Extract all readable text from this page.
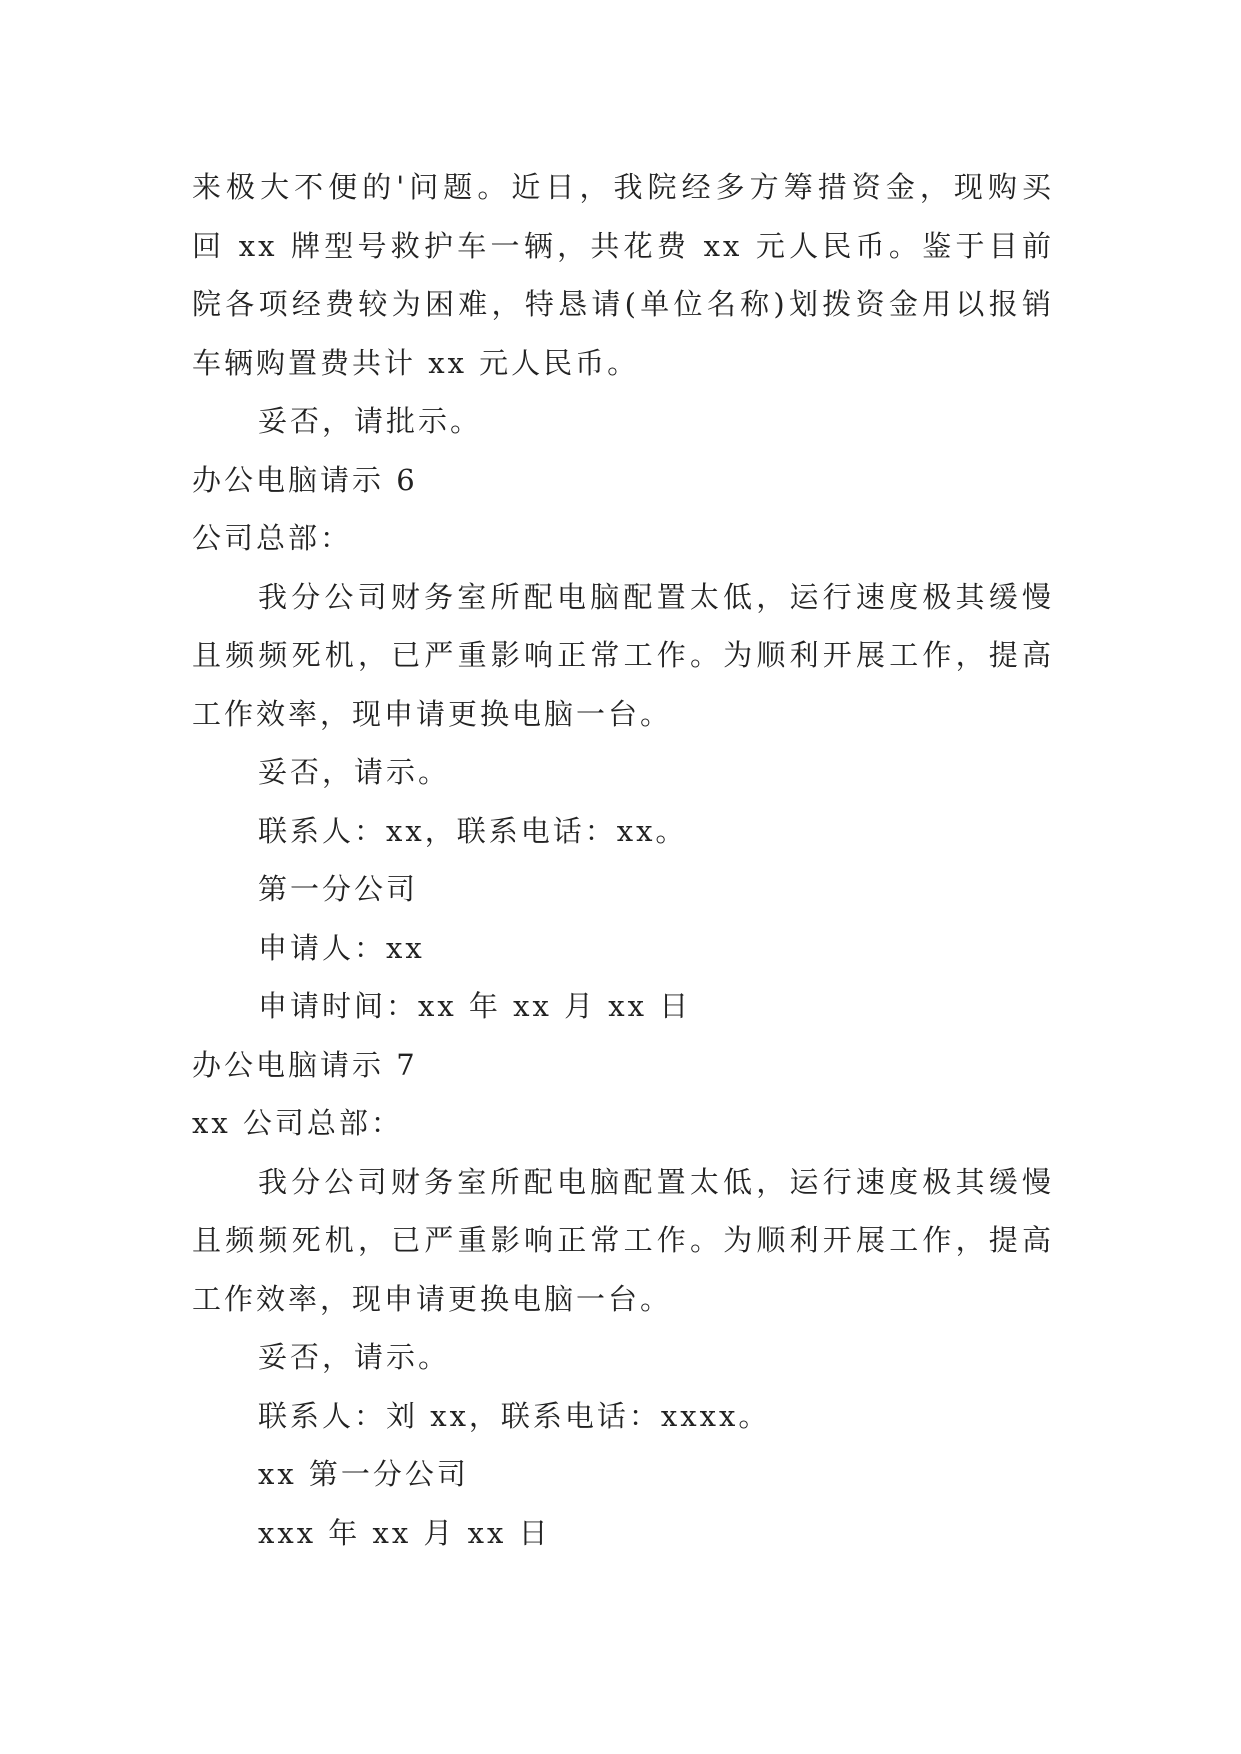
来极大不便的'问题。近日，我院经多方筹措资金，现购买
回 xx 牌型号救护车一辆，共花费 xx 元人民币。鉴于目前
院各项经费较为困难，特恳请(单位名称)划拨资金用以报销
车辆购置费共计 xx 元人民币。
妥否，请批示。
办公电脑请示 6
公司总部：
我分公司财务室所配电脑配置太低，运行速度极其缓慢
且频频死机，已严重影响正常工作。为顺利开展工作，提高
工作效率，现申请更换电脑一台。
妥否，请示。
联系人：xx，联系电话：xx。
第一分公司
申请人：xx
申请时间：xx 年 xx 月 xx 日
办公电脑请示 7
xx 公司总部：
我分公司财务室所配电脑配置太低，运行速度极其缓慢
且频频死机，已严重影响正常工作。为顺利开展工作，提高
工作效率，现申请更换电脑一台。
妥否，请示。
联系人：刘 xx，联系电话：xxxx。
xx 第一分公司
xxx 年 xx 月 xx 日
